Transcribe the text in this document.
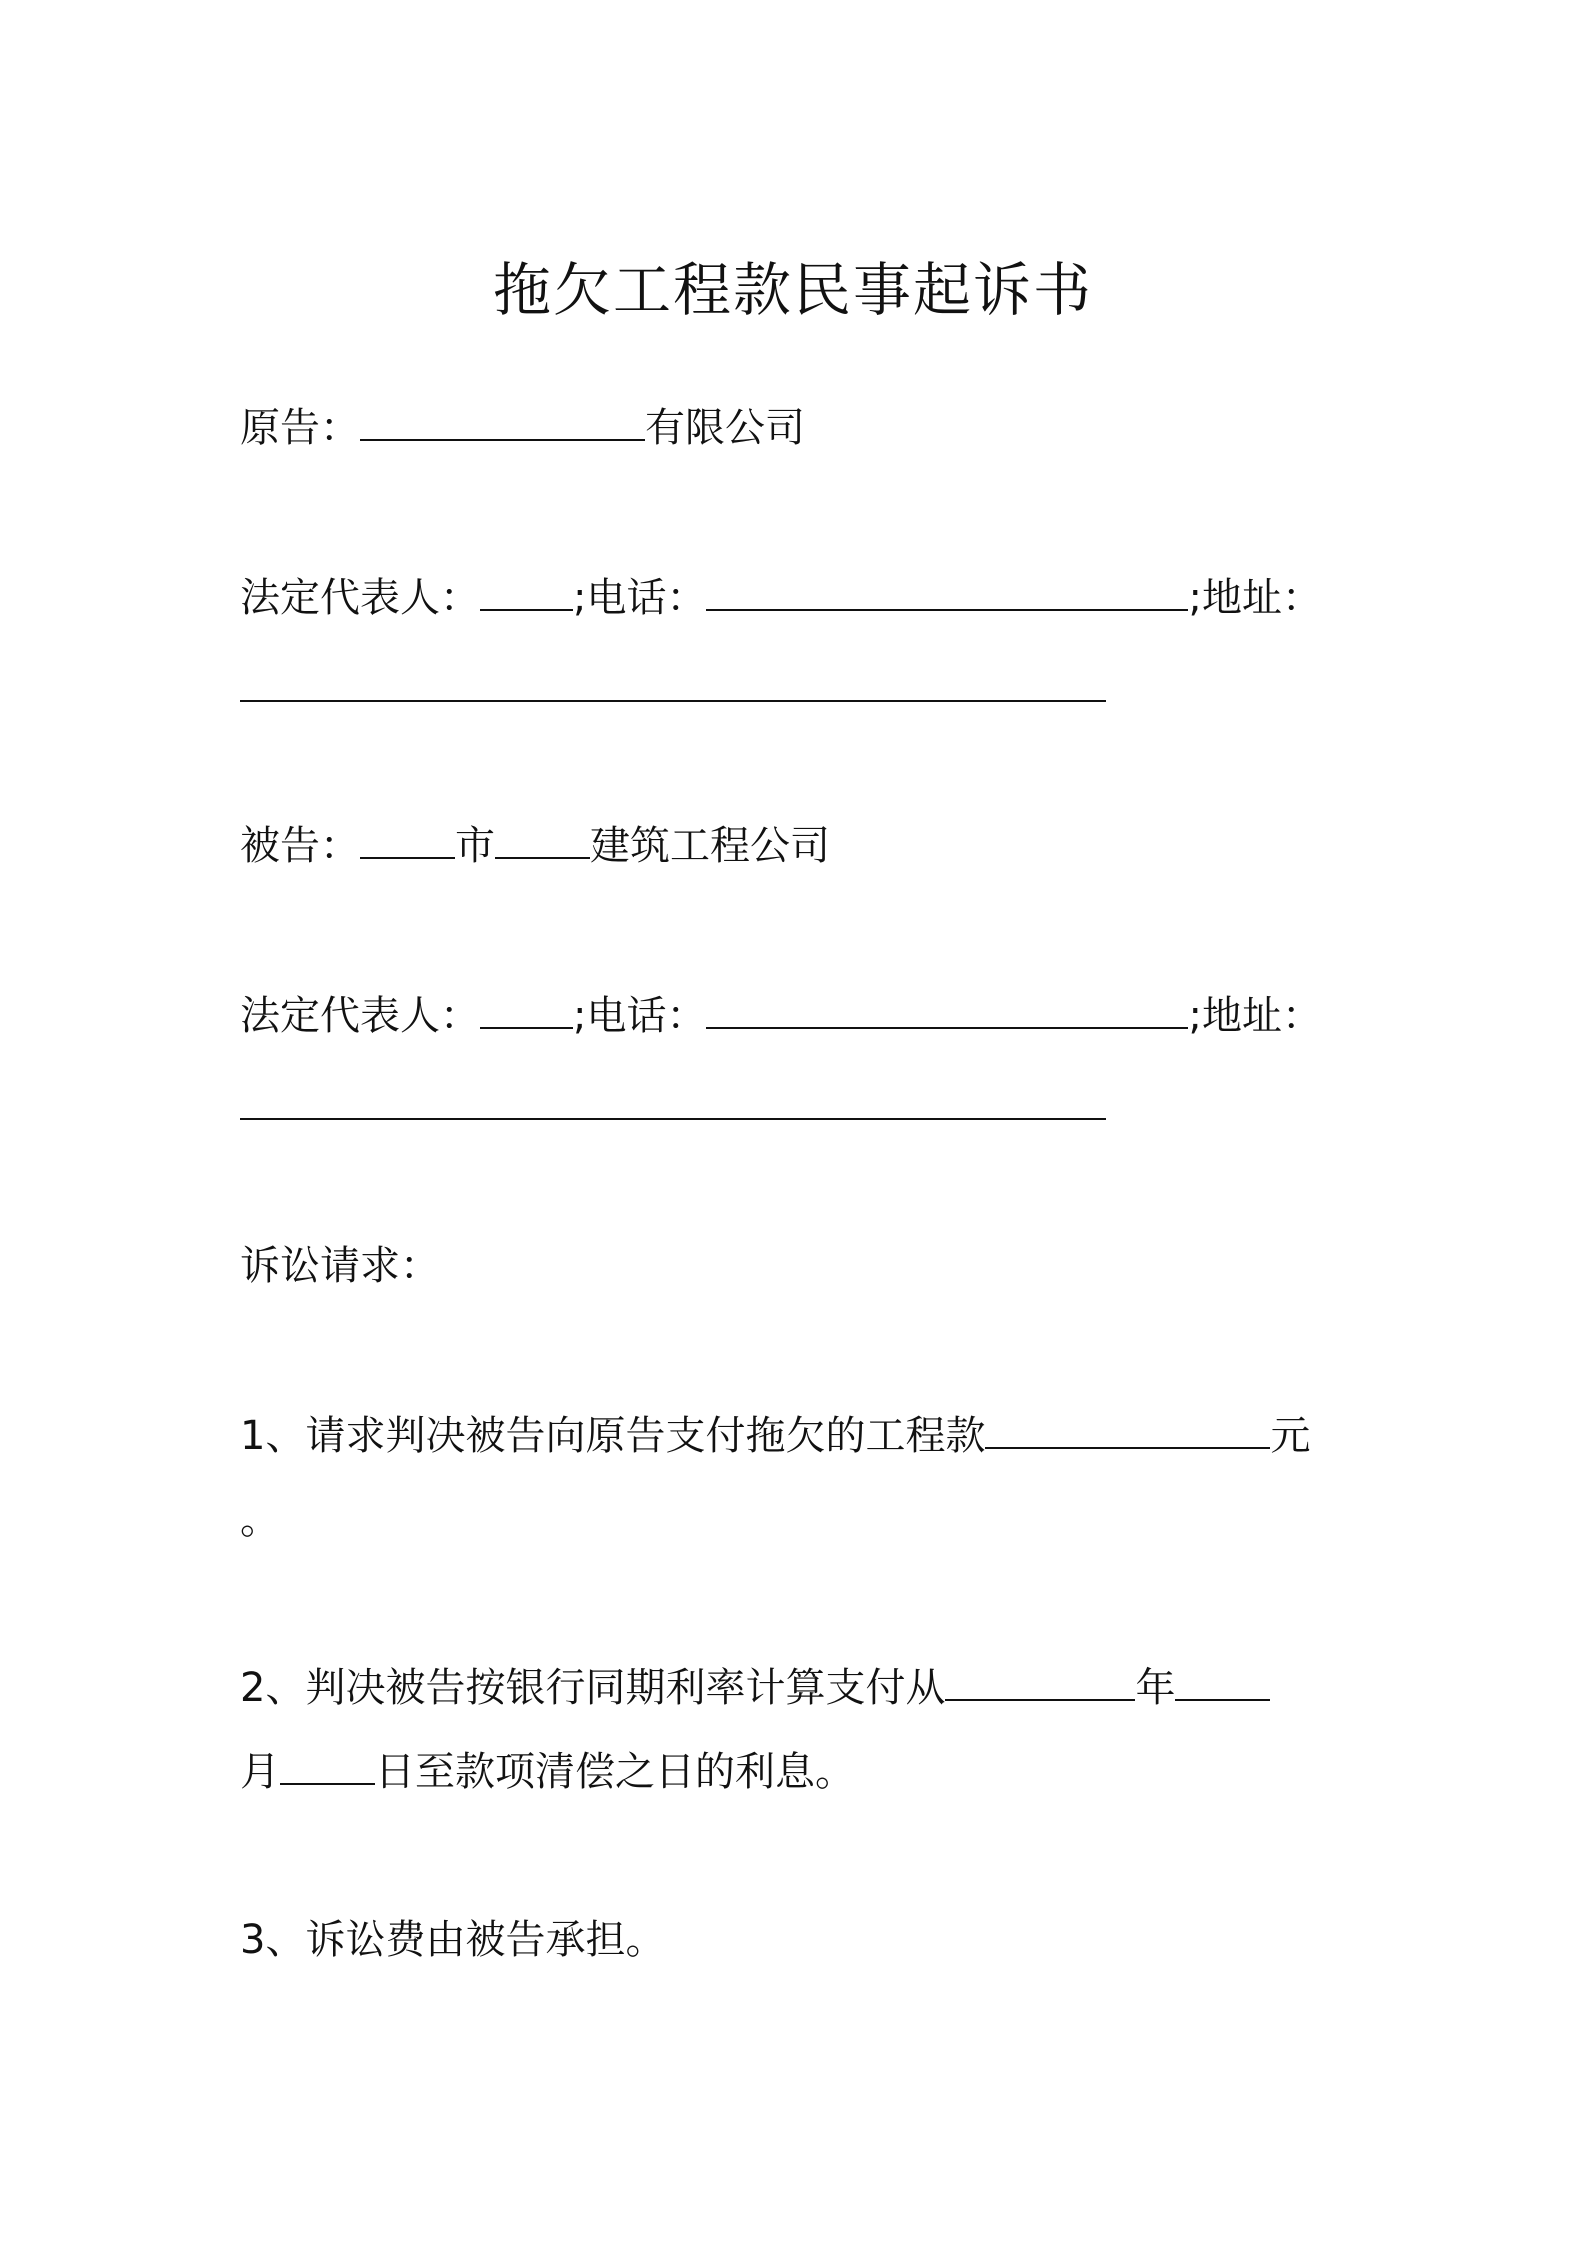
拖欠工程款民事起诉书
原告：	有限公司
法定代表人： ;电话：	;地址：
被告： 市 建筑工程公司
法定代表人： ;电话：	;地址：
诉讼请求：
1、请求判决被告向原告支付拖欠的工程款	元
。
2、判决被告按银行同期利率计算支付从	年
月 日至款项清偿之日的利息。
3、诉讼费由被告承担。
